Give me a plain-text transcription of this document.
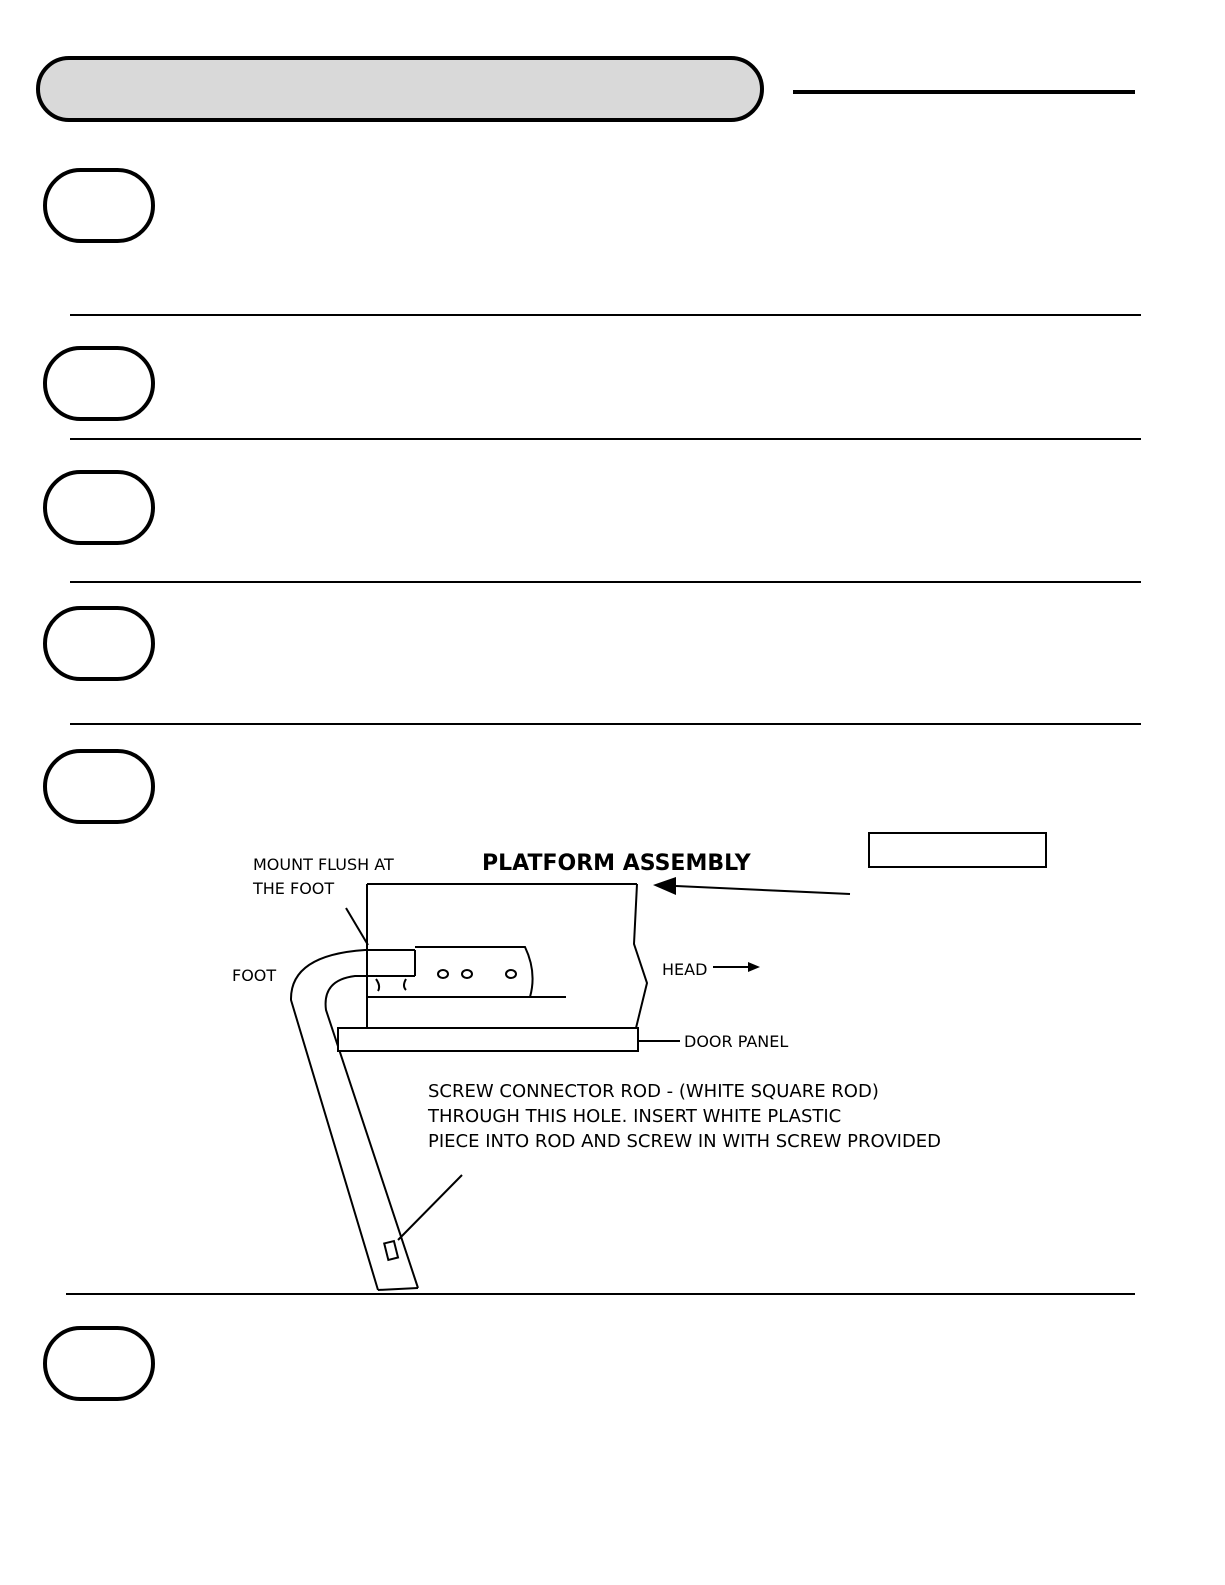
PLATFORM ASSEMBLY
MOUNT FLUSH AT
THE FOOT
FOOT	HEAD
DOOR PANEL
SCREW CONNECTOR ROD - (WHITE SQUARE ROD)
THROUGH THIS HOLE. INSERT WHITE PLASTIC
PIECE INTO ROD AND SCREW IN WITH SCREW PROVIDED
